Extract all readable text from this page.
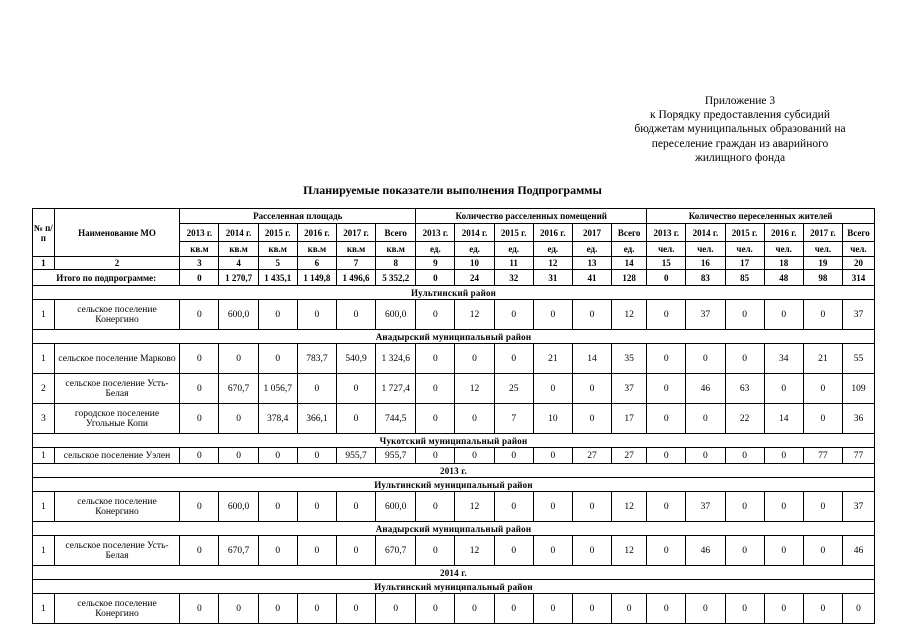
Приложение 3
к Порядку предоставления субсидий
бюджетам муниципальных образований на
переселение граждан из аварийного
жилищного фонда
Планируемые показатели выполнения Подпрограммы
№ п/п	Наименование МО	Расселенная площадь						Количество расселенных помещений						Количество переселенных жителей					
		2013 г.	2014 г.	2015 г.	2016 г.	2017 г.	Всего	2013 г.	2014 г.	2015 г.	2016 г.	2017	Всего	2013 г.	2014 г.	2015 г.	2016 г.	2017 г.	Всего
		кв.м	кв.м	кв.м	кв.м	кв.м	кв.м	ед.	ед.	ед.	ед.	ед.	ед.	чел.	чел.	чел.	чел.	чел.	чел.
1	2	3	4	5	6	7	8	9	10	11	12	13	14	15	16	17	18	19	20
Итого по подпрограмме:		0	1 270,7	1 435,1	1 149,8	1 496,6	5 352,2	0	24	32	31	41	128	0	83	85	48	98	314
Иультинский район																			
1	сельское поселение Конергино	0	600,0	0	0	0	600,0	0	12	0	0	0	12	0	37	0	0	0	37
Анадырский муниципальный район																			
1	сельское поселение Марково	0	0	0	783,7	540,9	1 324,6	0	0	0	21	14	35	0	0	0	34	21	55
2	сельское поселение Усть-Белая	0	670,7	1 056,7	0	0	1 727,4	0	12	25	0	0	37	0	46	63	0	0	109
3	городское поселение Угольные Копи	0	0	378,4	366,1	0	744,5	0	0	7	10	0	17	0	0	22	14	0	36
Чукотский муниципальный район																			
1	сельское поселение Уэлен	0	0	0	0	955,7	955,7	0	0	0	0	27	27	0	0	0	0	77	77
2013 г.																			
Иультинский муниципальный район																			
1	сельское поселение Конергино	0	600,0	0	0	0	600,0	0	12	0	0	0	12	0	37	0	0	0	37
Анадырский муниципальный район																			
1	сельское поселение Усть-Белая	0	670,7	0	0	0	670,7	0	12	0	0	0	12	0	46	0	0	0	46
2014 г.																			
Иультинский муниципальный район																			
1	сельское поселение Конергино	0	0	0	0	0	0	0	0	0	0	0	0	0	0	0	0	0	0
